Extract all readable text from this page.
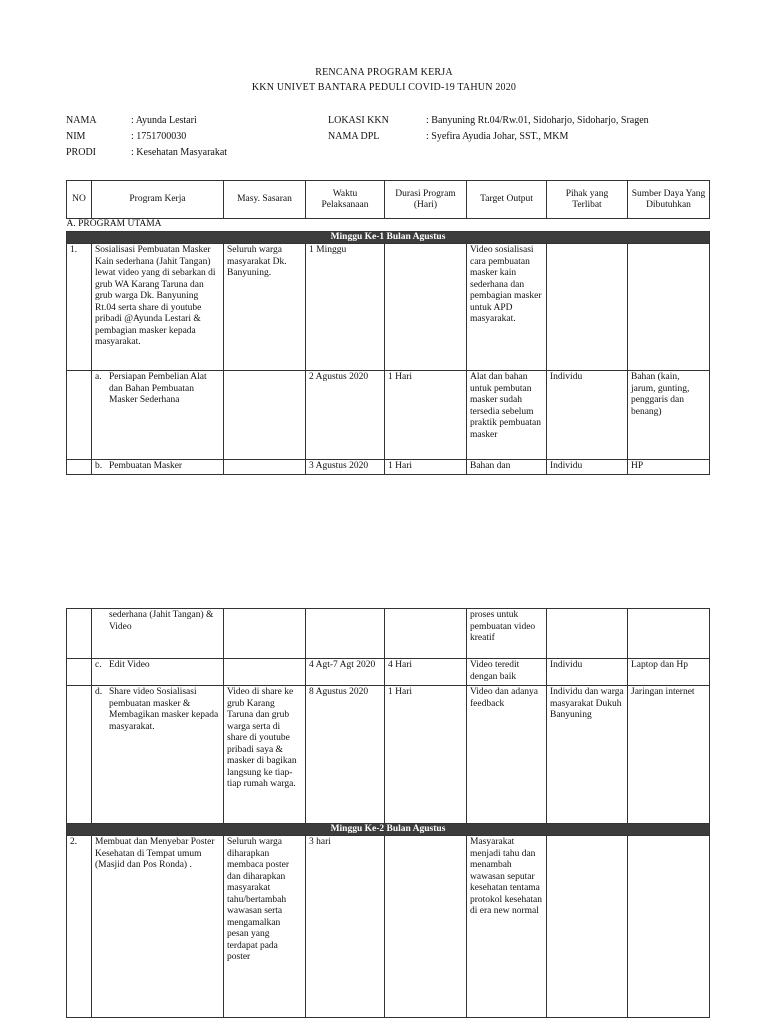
RENCANA PROGRAM KERJA
KKN UNIVET BANTARA PEDULI COVID-19 TAHUN 2020
NAMA	: Ayunda Lestari
NIM	: 1751700030
PRODI	: Kesehatan Masyarakat
LOKASI KKN	: Banyuning Rt.04/Rw.01, Sidoharjo, Sidoharjo, Sragen
NAMA DPL	: Syefira Ayudia Johar, SST., MKM
NO	Program Kerja	Masy. Sasaran	Waktu Pelaksanaan	Durasi Program (Hari)	Target Output	Pihak yang Terlibat	Sumber Daya Yang Dibutuhkan
A. PROGRAM UTAMA							
Minggu Ke-1 Bulan Agustus							
1.	Sosialisasi Pembuatan Masker Kain sederhana (Jahit Tangan) lewat video yang di sebarkan di grub WA Karang Taruna dan grub warga Dk. Banyuning Rt.04 serta share di youtube pribadi @Ayunda Lestari & pembagian masker kepada masyarakat.	Seluruh warga masyarakat Dk. Banyuning.	1 Minggu		Video sosialisasi cara pembuatan masker kain sederhana dan pembagian masker untuk APD masyarakat.		

	a. Persiapan Pembelian Alat dan Bahan Pembuatan Masker Sederhana		2 Agustus 2020	1 Hari	Alat dan bahan untuk pembutan masker sudah tersedia sebelum praktik pembuatan masker	Individu	Bahan (kain, jarum, gunting, penggaris dan benang)

	b. Pembuatan Masker		3 Agustus 2020	1 Hari	Bahan dan	Individu	HP
	sederhana (Jahit Tangan) & Video				proses untuk pembuatan video kreatif		

	c. Edit Video		4 Agt-7 Agt 2020	4 Hari	Video teredit dengan baik	Individu	Laptop dan Hp

	d. Share video Sosialisasi pembuatan masker & Membagikan masker kepada masyarakat.	Video di share ke grub Karang Taruna dan grub warga serta di share di youtube pribadi saya & masker di bagikan langsung ke tiap-tiap rumah warga.	8 Agustus 2020	1 Hari	Video dan adanya feedback	Individu dan warga masyarakat Dukuh Banyuning	Jaringan internet
Minggu Ke-2 Bulan Agustus							
2.	Membuat dan Menyebar Poster Kesehatan di Tempat umum (Masjid dan Pos Ronda) .	Seluruh warga diharapkan membaca poster dan diharapkan masyarakat tahu/bertambah wawasan serta mengamalkan pesan yang terdapat pada poster	3 hari		Masyarakat menjadi tahu dan menambah wawasan seputar kesehatan tentama protokol kesehatan di era new normal		
